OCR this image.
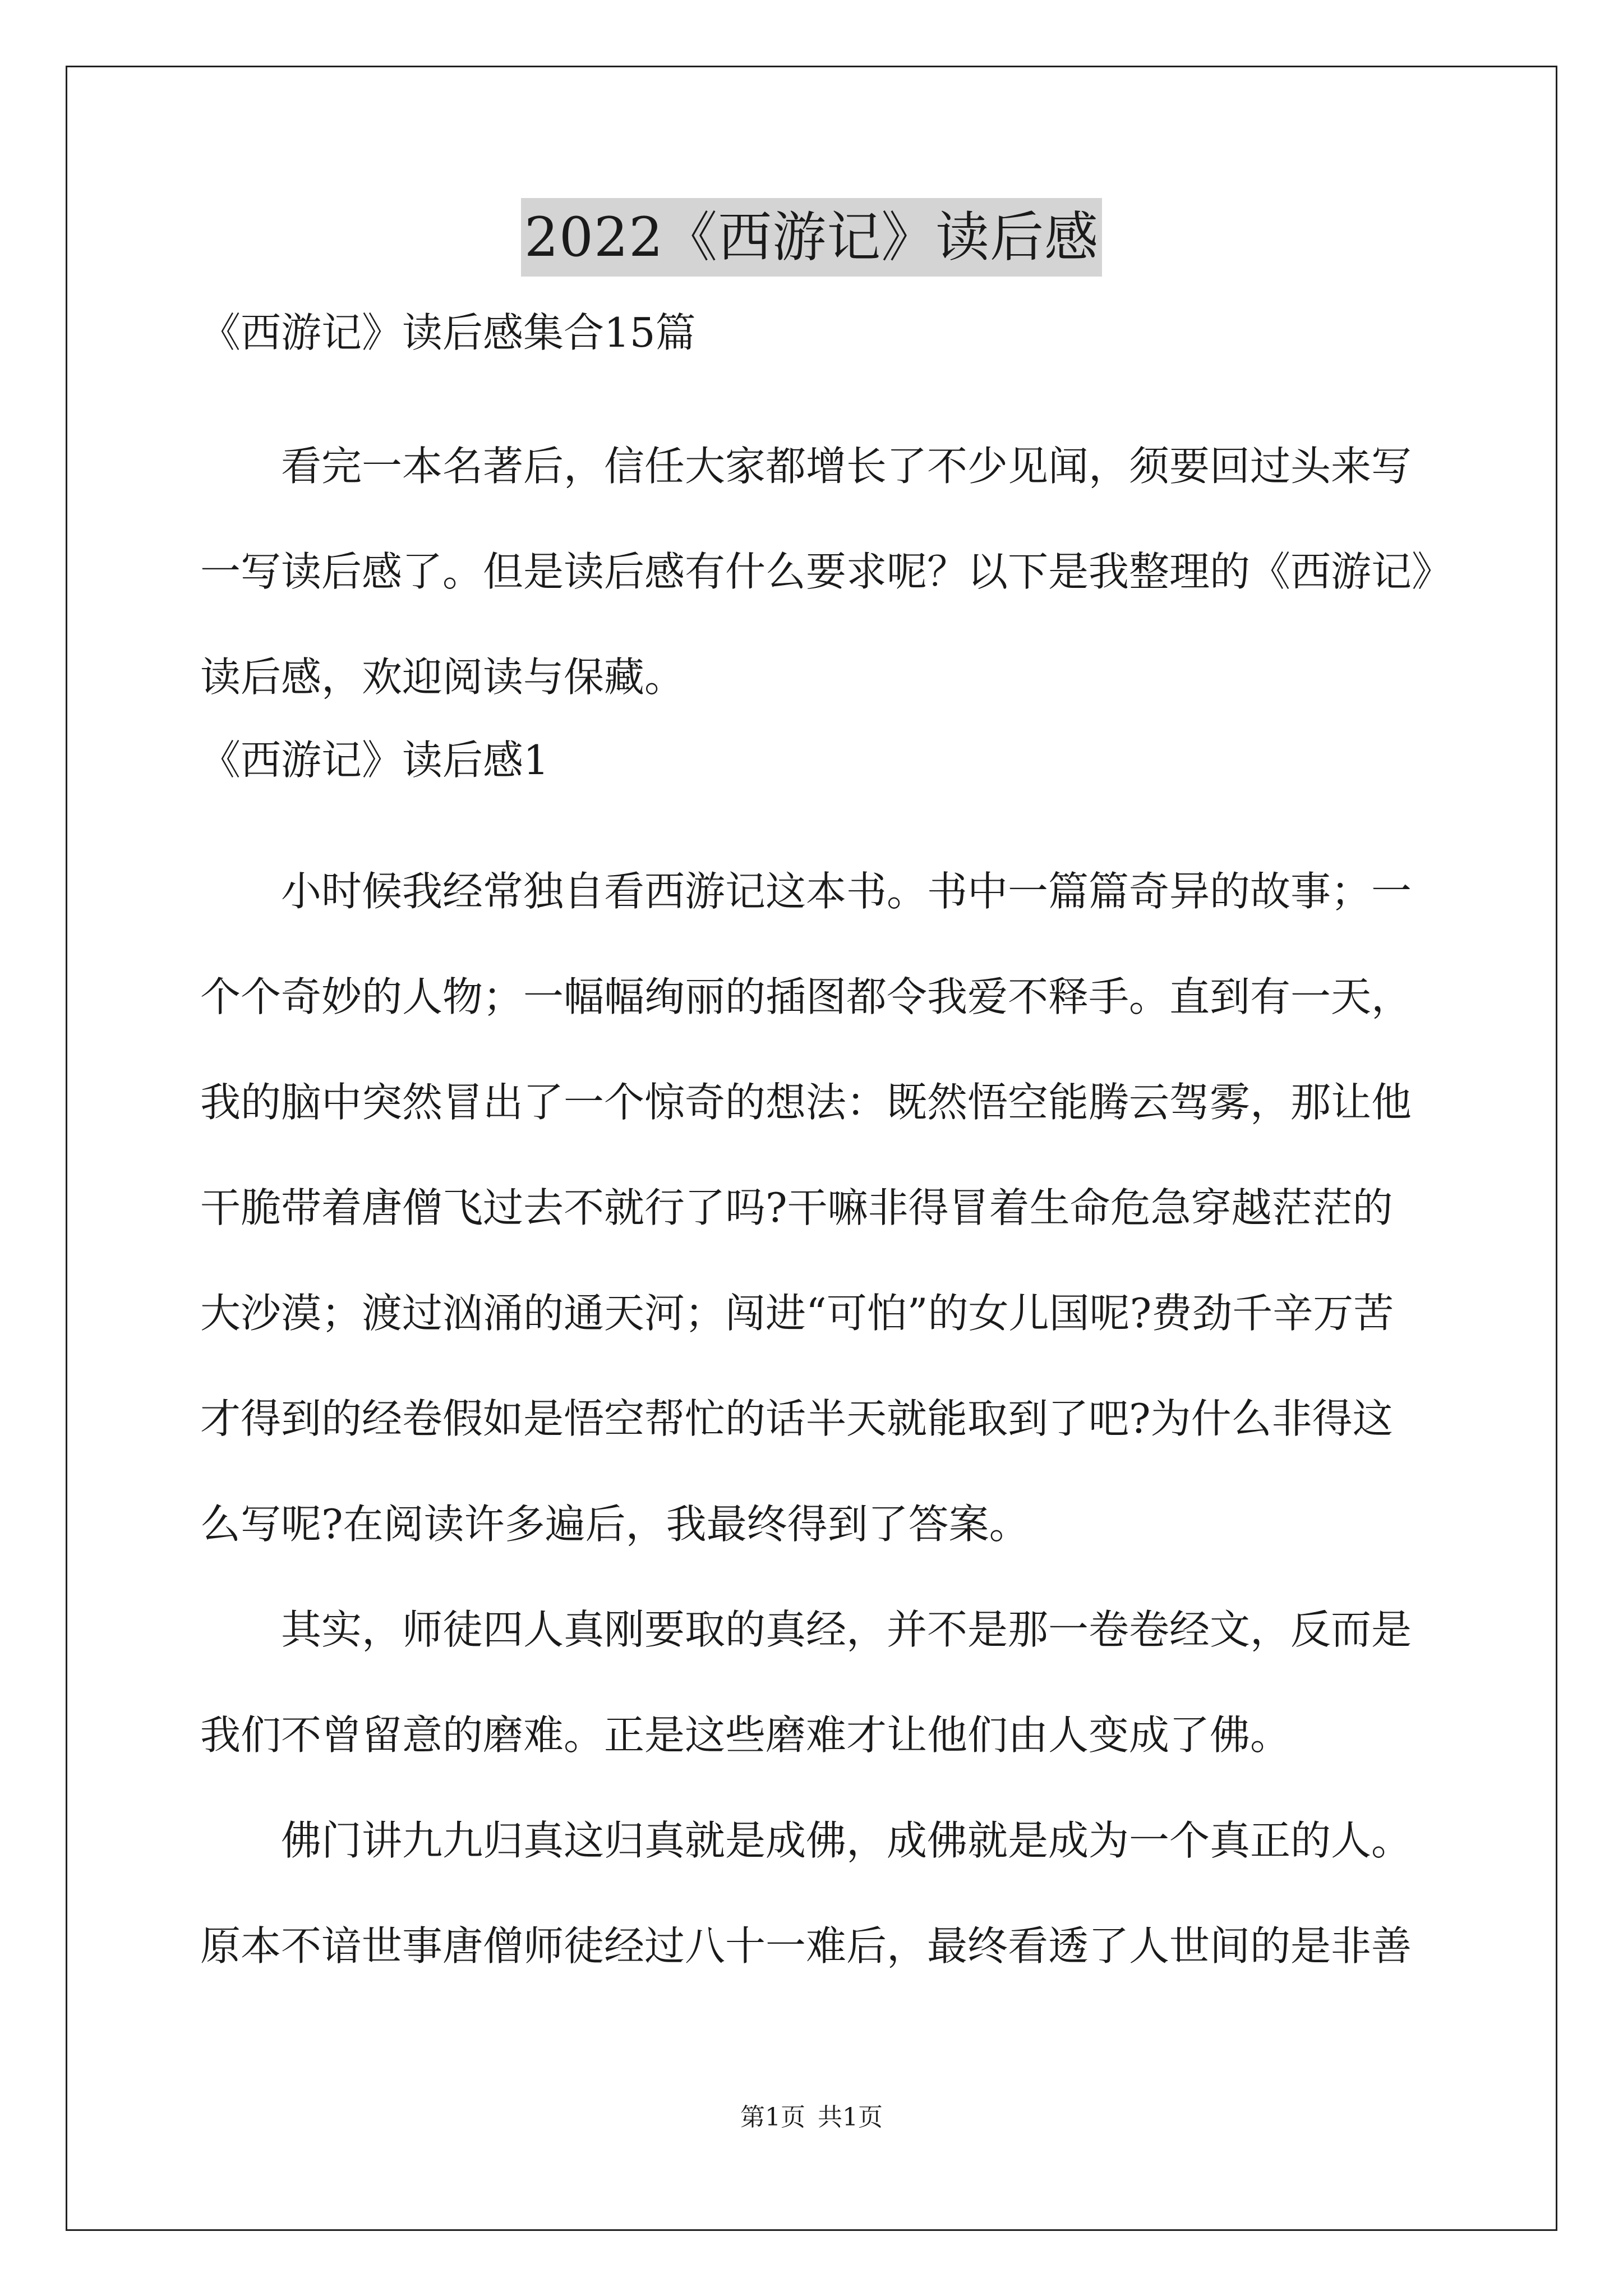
2022《西游记》读后感
《西游记》读后感集合15篇
看完一本名著后，信任大家都增长了不少见闻，须要回过头来写
一写读后感了。但是读后感有什么要求呢？以下是我整理的《西游记》
读后感，欢迎阅读与保藏。
《西游记》读后感1
小时候我经常独自看西游记这本书。书中一篇篇奇异的故事；一
个个奇妙的人物；一幅幅绚丽的插图都令我爱不释手。直到有一天，
我的脑中突然冒出了一个惊奇的想法：既然悟空能腾云驾雾，那让他
干脆带着唐僧飞过去不就行了吗?干嘛非得冒着生命危急穿越茫茫的
大沙漠；渡过汹涌的通天河；闯进“可怕”的女儿国呢?费劲千辛万苦
才得到的经卷假如是悟空帮忙的话半天就能取到了吧?为什么非得这
么写呢?在阅读许多遍后，我最终得到了答案。
其实，师徒四人真刚要取的真经，并不是那一卷卷经文，反而是
我们不曾留意的磨难。正是这些磨难才让他们由人变成了佛。
佛门讲九九归真这归真就是成佛，成佛就是成为一个真正的人。
原本不谙世事唐僧师徒经过八十一难后，最终看透了人世间的是非善
第1页 共1页
